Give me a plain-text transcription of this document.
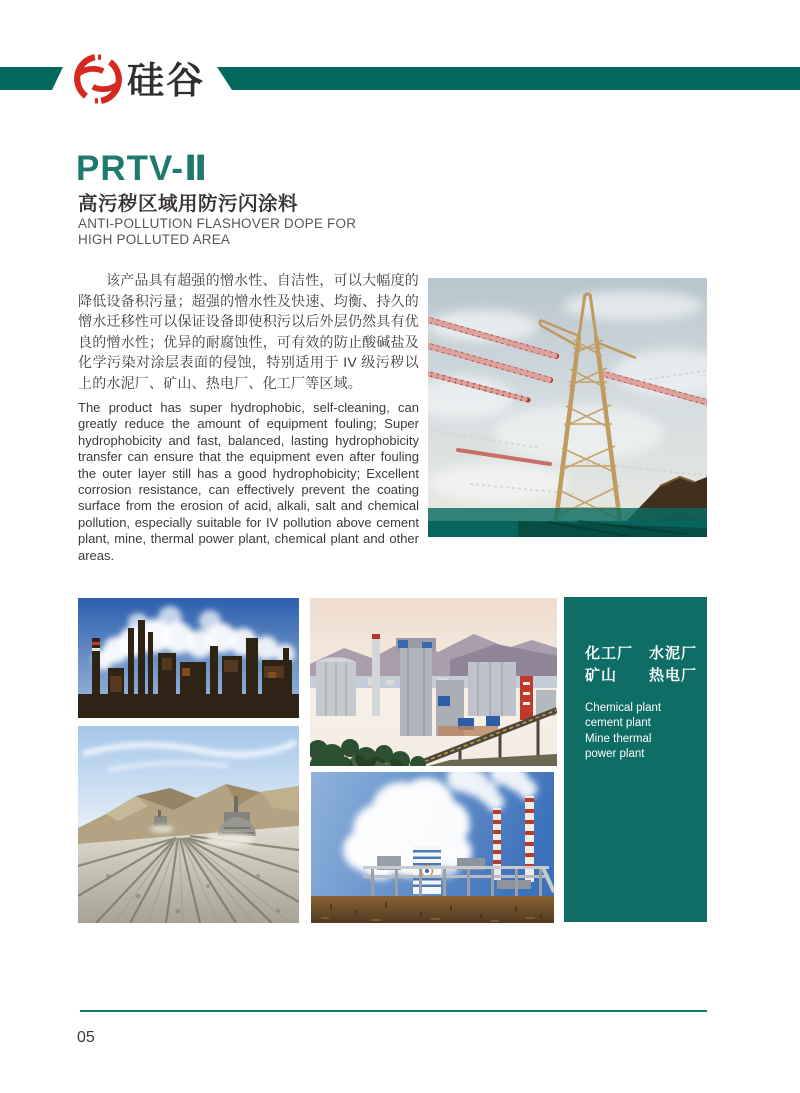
硅谷
PRTV-Ⅱ
高污秽区域用防污闪涂料
ANTI-POLLUTION FLASHOVER DOPE FOR
HIGH POLLUTED AREA
该产品具有超强的憎水性、自洁性，可以大幅度的降低设备积污量；超强的憎水性及快速、均衡、持久的憎水迁移性可以保证设备即使积污以后外层仍然具有优良的憎水性；优异的耐腐蚀性，可有效的防止酸碱盐及化学污染对涂层表面的侵蚀，特别适用于 IV 级污秽以上的水泥厂、矿山、热电厂、化工厂等区域。
The product has super hydrophobic, self-cleaning, can greatly reduce the amount of equipment fouling; Super hydrophobicity and fast, balanced, lasting hydrophobicity transfer can ensure that the equipment even after fouling the outer layer still has a good hydrophobicity; Excellent corrosion resistance, can effectively prevent the coating surface from the erosion of acid, alkali, salt and chemical pollution, especially suitable for IV pollution above cement plant, mine, thermal power plant, chemical plant and other areas.
化工厂　水泥厂
矿山　　热电厂
Chemical plant
cement plant
Mine thermal
power plant
05
